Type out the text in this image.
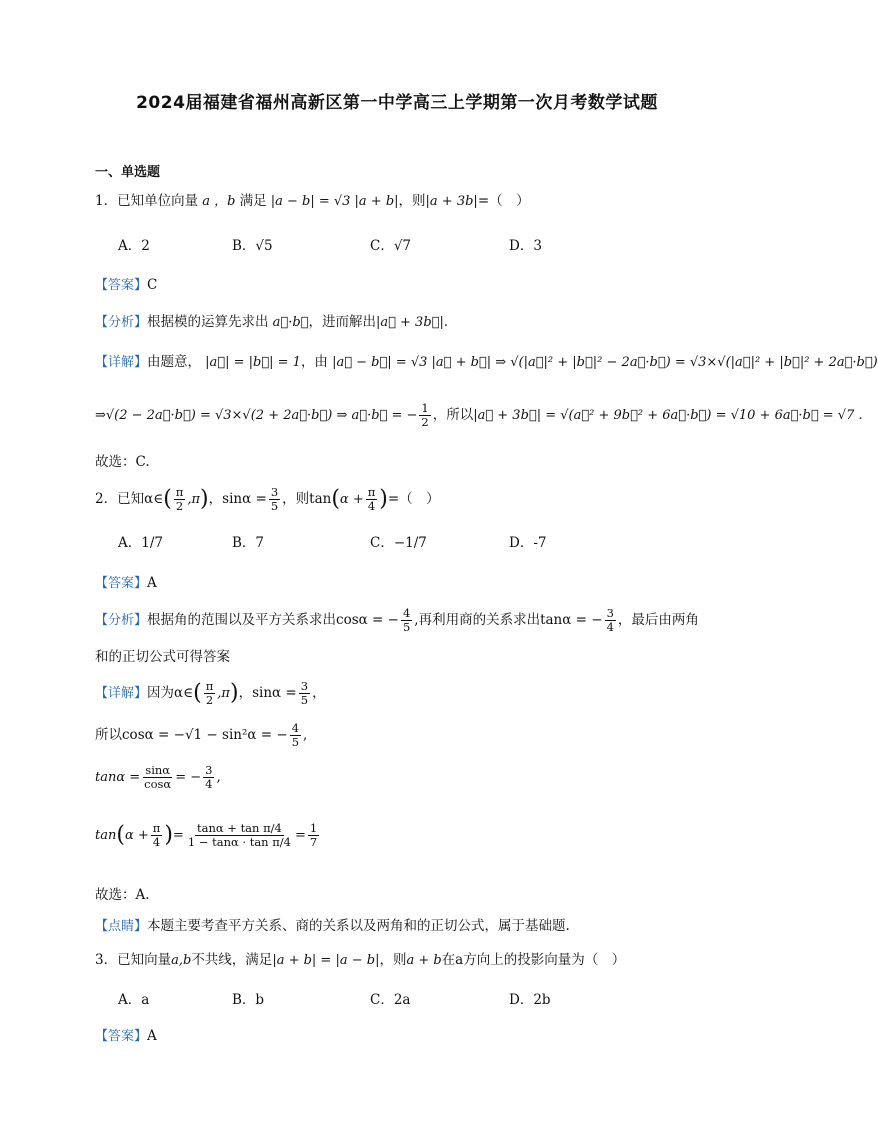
2024届福建省福州高新区第一中学高三上学期第一次月考数学试题
一、单选题
1．已知单位向量 a ，b 满足 |a − b| = √3 |a + b|，则|a + 3b|=（　）
A．2	B．√5	C．√7	D．3
【答案】C
【分析】根据模的运算先求出 a⃗·b⃗，进而解出|a⃗ + 3b⃗|.
【详解】由题意， |a⃗| = |b⃗| = 1，由 |a⃗ − b⃗| = √3 |a⃗ + b⃗| ⇒ √(|a⃗|² + |b⃗|² − 2a⃗·b⃗) = √3×√(|a⃗|² + |b⃗|² + 2a⃗·b⃗)
⇒√(2 − 2a⃗·b⃗) = √3×√(2 + 2a⃗·b⃗) ⇒ a⃗·b⃗ = − $\frac{1}{2}$ ，所以|a⃗ + 3b⃗| = √(a⃗² + 9b⃗² + 6a⃗·b⃗) = √10 + 6a⃗·b⃗ = √7 .
故选：C.
2．已知α∈( $\frac{\pi}{2} ,\pi$)，$\sin\alpha = \frac{3}{5}$ ，则$\tan(\alpha + \frac{\pi}{4}$ )=（　）
A．1/7	B．7	C．−1/7	D．-7
【答案】A
【分析】根据角的范围以及平方关系求出cosα = − $\frac{4}{5}$ ,再利用商的关系求出tanα = − $\frac{3}{4}$ ，最后由两角
和的正切公式可得答案
【详解】因为α∈( $\frac{\pi}{2} ,\pi$)，$\sin\alpha = \frac{3}{5}$ ，
所以cosα = −√1 − sin²α = − $\frac{4}{5}$ ,
$\tan\alpha = \frac{\sin\alpha}{\cos\alpha}$ = − $\frac{3}{4}$ ,
$\tan(\alpha + \frac{\pi}{4}$ )= $\frac{\text{tanα + tan π/4}}{\text{1 − tanα · tan π/4}} = \frac{1}{7}$
故选：A.
【点睛】本题主要考查平方关系、商的关系以及两角和的正切公式，属于基础题.
3．已知向量a,b不共线，满足|a + b| = |a − b|，则a + b在a方向上的投影向量为（　）
A．a	B．b	C．2a	D．2b
【答案】A
